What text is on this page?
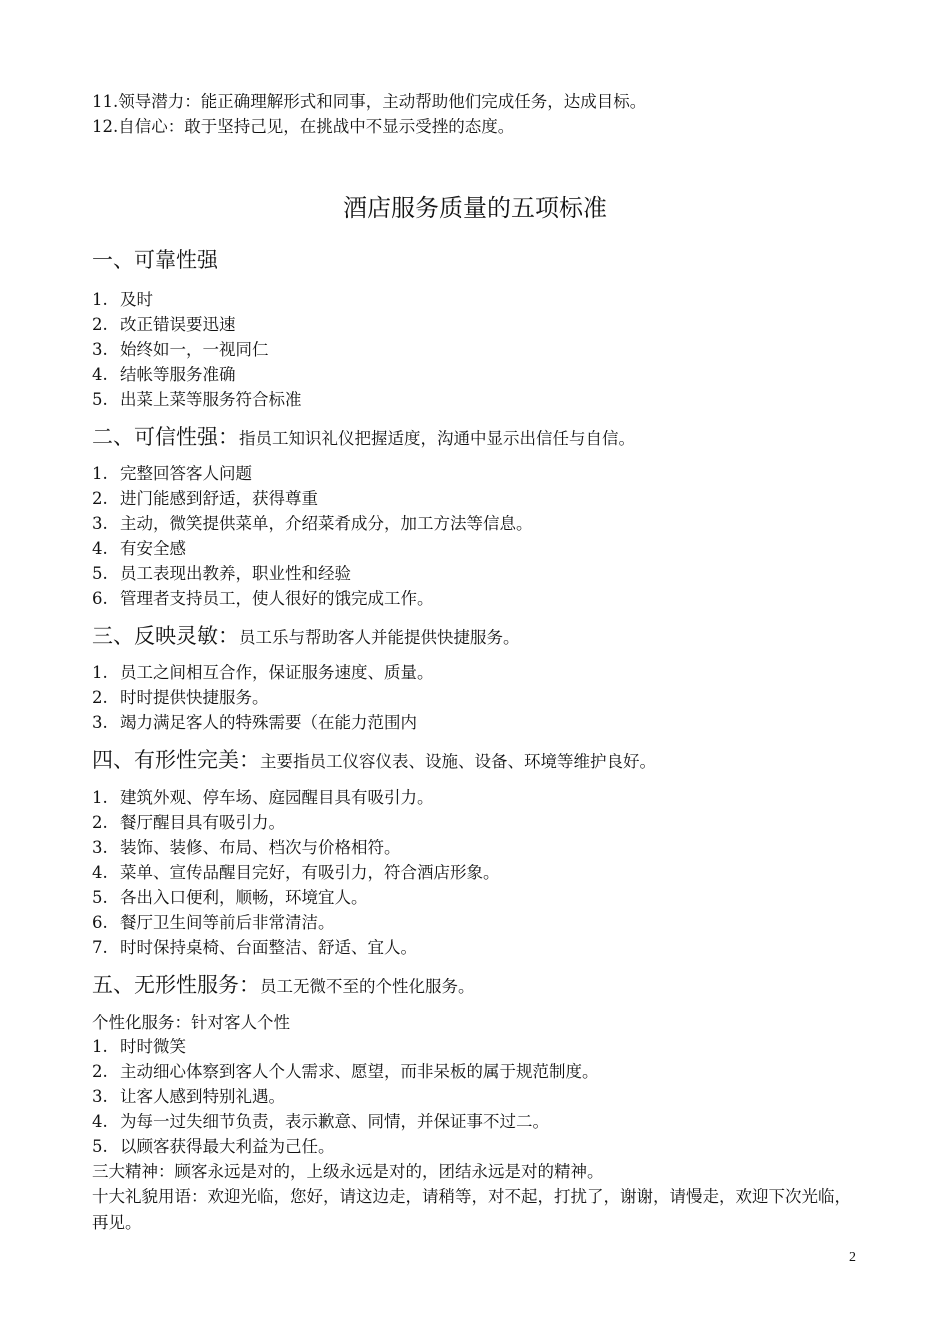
11.领导潜力：能正确理解形式和同事，主动帮助他们完成任务，达成目标。
12.自信心：敢于坚持己见，在挑战中不显示受挫的态度。
酒店服务质量的五项标准
一、可靠性强
1. 及时
2. 改正错误要迅速
3. 始终如一，一视同仁
4. 结帐等服务准确
5. 出菜上菜等服务符合标准
二、可信性强：指员工知识礼仪把握适度，沟通中显示出信任与自信。
1. 完整回答客人问题
2. 进门能感到舒适，获得尊重
3. 主动，微笑提供菜单，介绍菜肴成分，加工方法等信息。
4. 有安全感
5. 员工表现出教养，职业性和经验
6. 管理者支持员工，使人很好的饿完成工作。
三、反映灵敏：员工乐与帮助客人并能提供快捷服务。
1. 员工之间相互合作，保证服务速度、质量。
2. 时时提供快捷服务。
3. 竭力满足客人的特殊需要（在能力范围内
四、有形性完美：主要指员工仪容仪表、设施、设备、环境等维护良好。
1. 建筑外观、停车场、庭园醒目具有吸引力。
2. 餐厅醒目具有吸引力。
3. 装饰、装修、布局、档次与价格相符。
4. 菜单、宣传品醒目完好，有吸引力，符合酒店形象。
5. 各出入口便利，顺畅，环境宜人。
6. 餐厅卫生间等前后非常清洁。
7. 时时保持桌椅、台面整洁、舒适、宜人。
五、无形性服务：员工无微不至的个性化服务。
个性化服务：针对客人个性
1. 时时微笑
2. 主动细心体察到客人个人需求、愿望，而非呆板的属于规范制度。
3. 让客人感到特别礼遇。
4. 为每一过失细节负责，表示歉意、同情，并保证事不过二。
5. 以顾客获得最大利益为己任。
三大精神：顾客永远是对的，上级永远是对的，团结永远是对的精神。
十大礼貌用语：欢迎光临，您好，请这边走，请稍等，对不起，打扰了，谢谢，请慢走，欢迎下次光临，再见。
2
